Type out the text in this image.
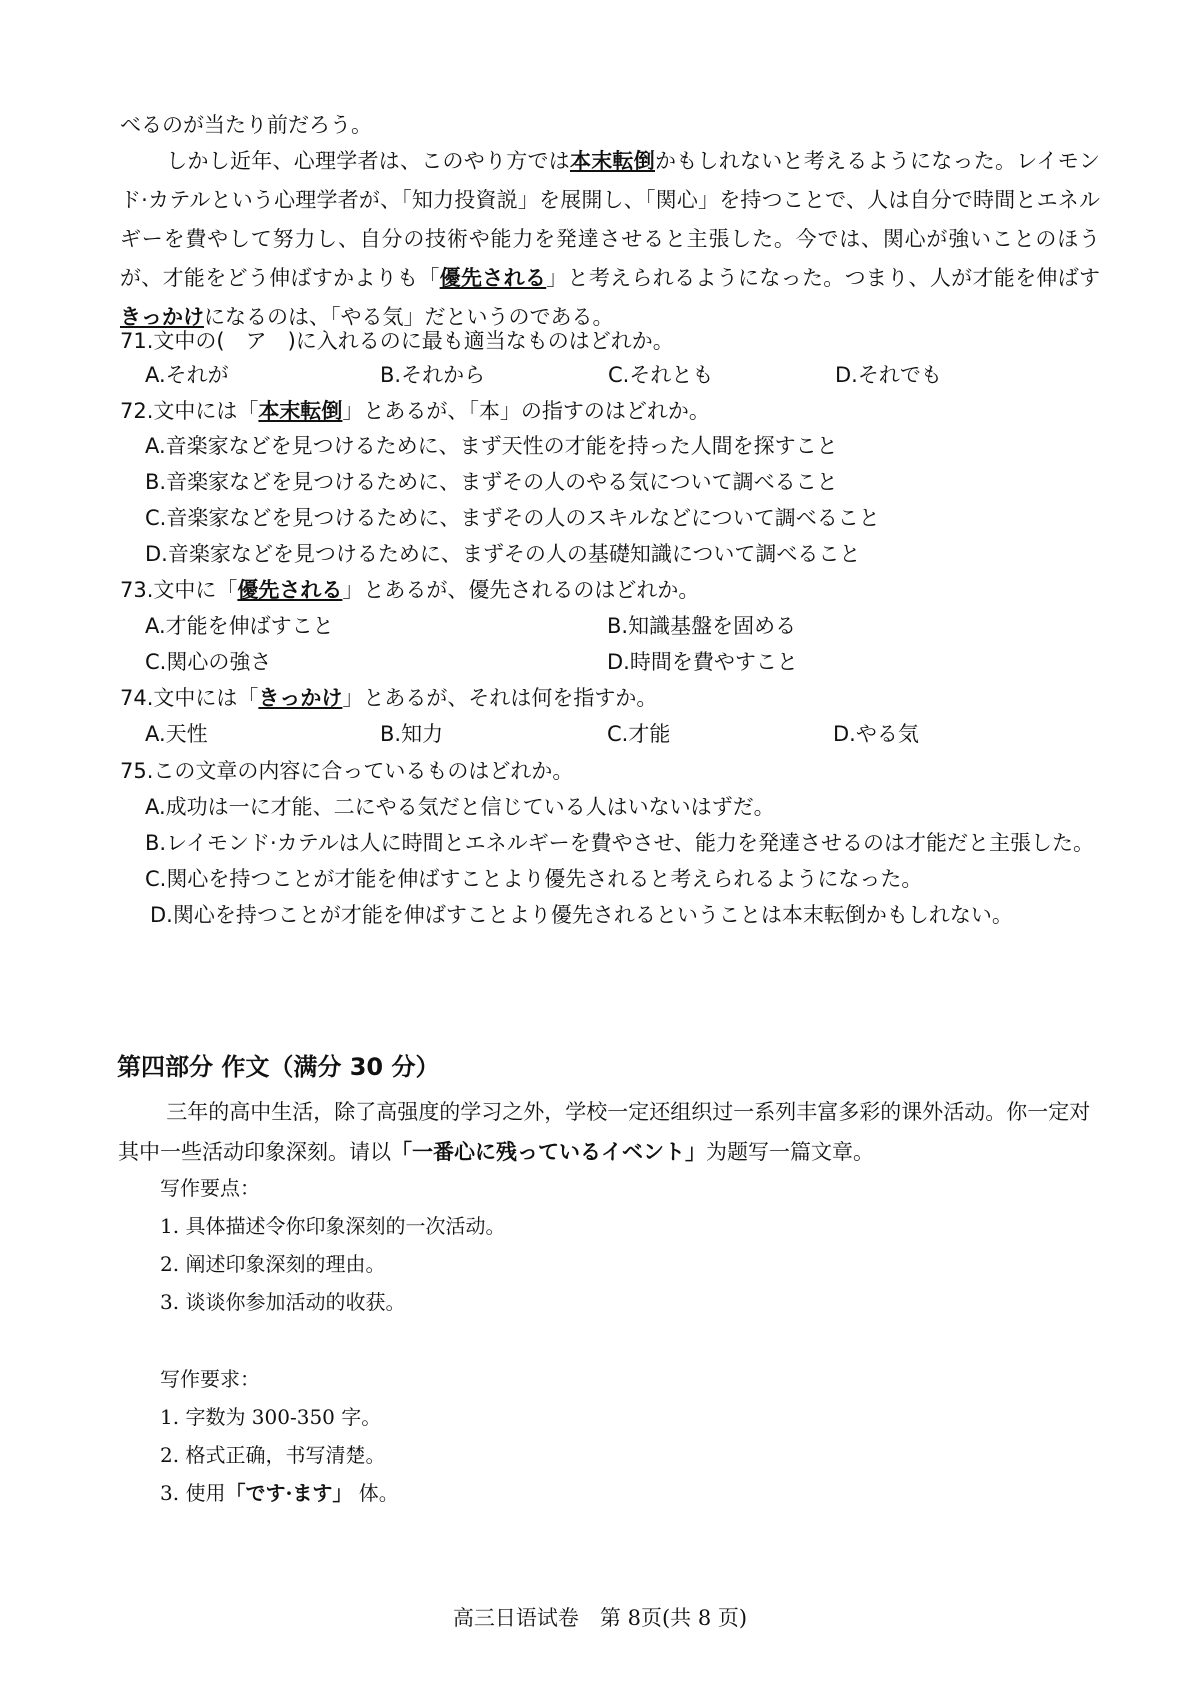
べるのが当たり前だろう。
しかし近年、心理学者は、このやり方では本末転倒かもしれないと考えるようになった。レイモンド·カテルという心理学者が、「知力投資説」を展開し、「関心」を持つことで、人は自分で時間とエネルギーを費やして努力し、自分の技術や能力を発達させると主張した。今では、関心が強いことのほうが、才能をどう伸ばすかよりも「優先される」と考えられるようになった。つまり、人が才能を伸ばすきっかけになるのは、「やる気」だというのである。
71.文中の(　ア　)に入れるのに最も適当なものはどれか。
A.それが	B.それから	C.それとも	D.それでも
72.文中には「本末転倒」とあるが、「本」の指すのはどれか。
A.音楽家などを見つけるために、まず天性の才能を持った人間を探すこと
B.音楽家などを見つけるために、まずその人のやる気について調べること
C.音楽家などを見つけるために、まずその人のスキルなどについて調べること
D.音楽家などを見つけるために、まずその人の基礎知識について調べること
73.文中に「優先される」とあるが、優先されるのはどれか。
A.才能を伸ばすこと	B.知識基盤を固める
C.関心の強さ	D.時間を費やすこと
74.文中には「きっかけ」とあるが、それは何を指すか。
A.天性	B.知力	C.才能	D.やる気
75.この文章の内容に合っているものはどれか。
A.成功は一に才能、二にやる気だと信じている人はいないはずだ。
B.レイモンド·カテルは人に時間とエネルギーを費やさせ、能力を発達させるのは才能だと主張した。
C.関心を持つことが才能を伸ばすことより優先されると考えられるようになった。
D.関心を持つことが才能を伸ばすことより優先されるということは本末転倒かもしれない。
第四部分 作文（满分 30 分）
三年的高中生活，除了高强度的学习之外，学校一定还组织过一系列丰富多彩的课外活动。你一定对其中一些活动印象深刻。请以「一番心に残っているイベント」为题写一篇文章。
写作要点：
1. 具体描述令你印象深刻的一次活动。
2. 阐述印象深刻的理由。
3. 谈谈你参加活动的收获。
写作要求：
1. 字数为 300-350 字。
2. 格式正确，书写清楚。
3. 使用「です·ます」 体。
高三日语试卷　第 8页(共 8 页)
